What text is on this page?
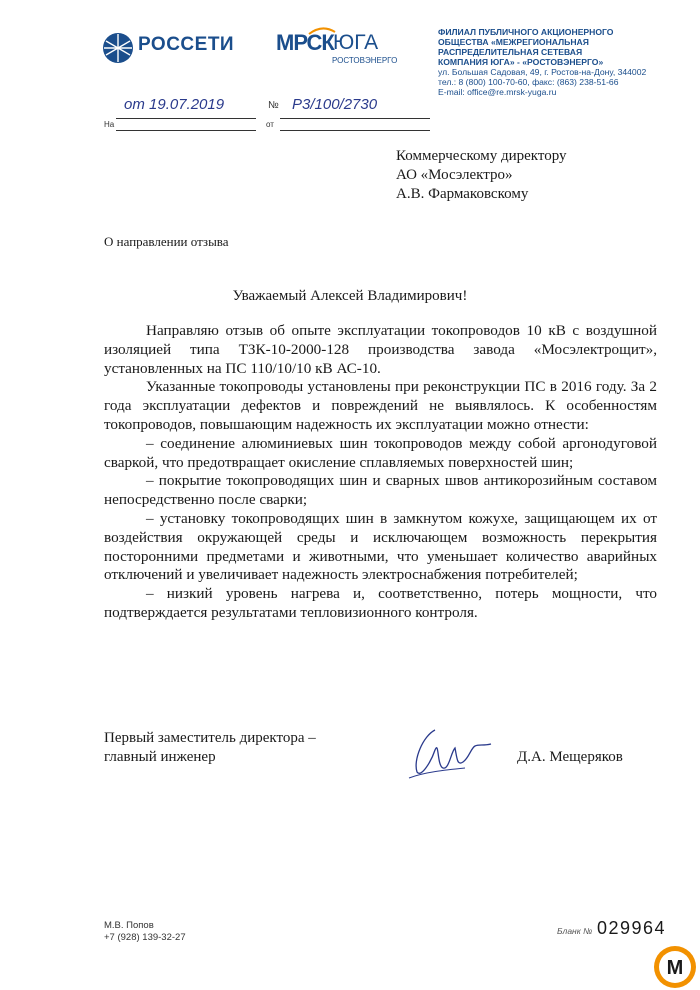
РОССЕТИ МРСК ЮГА
РОСТОВЭНЕРГО
ФИЛИАЛ ПУБЛИЧНОГО АКЦИОНЕРНОГО
ОБЩЕСТВА «МЕЖРЕГИОНАЛЬНАЯ
РАСПРЕДЕЛИТЕЛЬНАЯ СЕТЕВАЯ
КОМПАНИЯ ЮГА» - «РОСТОВЭНЕРГО»
ул. Большая Садовая, 49, г. Ростов-на-Дону, 344002
тел.: 8 (800) 100-70-60, факс: (863) 238-51-66
E-mail: office@re.mrsk-yuga.ru
от 19.07.2019	№ Р3/100/2730
На	от
Коммерческому директору
АО «Мосэлектро»
А.В. Фармаковскому
О направлении отзыва
Уважаемый Алексей Владимирович!

Направляю отзыв об опыте эксплуатации токопроводов 10 кВ с воздушной изоляцией типа ТЗК-10-2000-128 производства завода «Мосэлектрощит», установленных на ПС 110/10/10 кВ АС-10.

Указанные токопроводы установлены при реконструкции ПС в 2016 году. За 2 года эксплуатации дефектов и повреждений не выявлялось. К особенностям токопроводов, повышающим надежность их эксплуатации можно отнести:

– соединение алюминиевых шин токопроводов между собой аргонодуговой сваркой, что предотвращает окисление сплавляемых поверхностей шин;

– покрытие токопроводящих шин и сварных швов антикорозийным составом непосредственно после сварки;

– установку токопроводящих шин в замкнутом кожухе, защищающем их от воздействия окружающей среды и исключающем возможность перекрытия посторонними предметами и животными, что уменьшает количество аварийных отключений и увеличивает надежность электроснабжения потребителей;

– низкий уровень нагрева и, соответственно, потерь мощности, что подтверждается результатами тепловизионного контроля.

Первый заместитель директора –
главный инженер	Д.А. Мещеряков
М.В. Попов
+7 (928) 139-32-27
Бланк № 029964
M
